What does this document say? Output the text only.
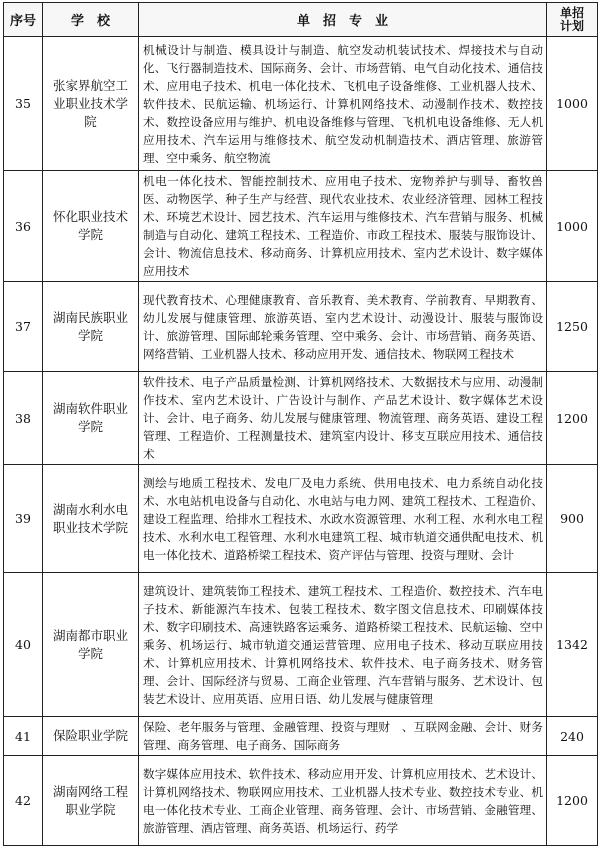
序号	学　校	单　招　专　业	单招
计划

35	张家界航空工业职业技术学院	机械设计与制造、模具设计与制造、航空发动机装试技术、焊接技术与自动化、飞行器制造技术、国际商务、会计、市场营销、电气自动化技术、通信技术、应用电子技术、机电一体化技术、飞机电子设备维修、工业机器人技术、软件技术、民航运输、机场运行、计算机网络技术、动漫制作技术、数控技术、数控设备应用与维护、机电设备维修与管理、飞机机电设备维修、无人机应用技术、汽车运用与维修技术、航空发动机制造技术、酒店管理、旅游管理、空中乘务、航空物流	1000
36	怀化职业技术学院	机电一体化技术、智能控制技术、应用电子技术、宠物养护与驯导、畜牧兽医、动物医学、种子生产与经营、现代农业技术、农业经济管理、园林工程技术、环境艺术设计、园艺技术、汽车运用与维修技术、汽车营销与服务、机械制造与自动化、建筑工程技术、工程造价、市政工程技术、服装与服饰设计、会计、物流信息技术、移动商务、计算机应用技术、室内艺术设计、数字媒体应用技术	1000
37	湖南民族职业学院	现代教育技术、心理健康教育、音乐教育、美术教育、学前教育、早期教育、幼儿发展与健康管理、旅游英语、室内艺术设计、动漫设计、服装与服饰设计、旅游管理、国际邮轮乘务管理、空中乘务、会计、市场营销、商务英语、网络营销、工业机器人技术、移动应用开发、通信技术、物联网工程技术	1250
38	湖南软件职业学院	软件技术、电子产品质量检测、计算机网络技术、大数据技术与应用、动漫制作技术、室内艺术设计、广告设计与制作、产品艺术设计、数字媒体艺术设计、会计、电子商务、幼儿发展与健康管理、物流管理、商务英语、建设工程管理、工程造价、工程测量技术、建筑室内设计、移支互联应用技术、通信技术	1200
39	湖南水利水电职业技术学院	测绘与地质工程技术、发电厂及电力系统、供用电技术、电力系统自动化技术、水电站机电设备与自动化、水电站与电力网、建筑工程技术、工程造价、建设工程监理、给排水工程技术、水政水资源管理、水利工程、水利水电工程技术、水利水电工程管理、水利水电建筑工程、城市轨道交通供配电技术、机电一体化技术、道路桥梁工程技术、资产评估与管理、投资与理财、会计	900
40	湖南都市职业学院	建筑设计、建筑装饰工程技术、建筑工程技术、工程造价、数控技术、汽车电子技术、新能源汽车技术、包装工程技术、数字图文信息技术、印刷媒体技术、数字印刷技术、高速铁路客运乘务、道路桥梁工程技术、民航运输、空中乘务、机场运行、城市轨道交通运营管理、应用电子技术、移动互联应用技术、计算机应用技术、计算机网络技术、软件技术、电子商务技术、财务管理、会计、国际经济与贸易、工商企业管理、汽车营销与服务、艺术设计、包装艺术设计、应用英语、应用日语、幼儿发展与健康管理	1342
41	保险职业学院	保险、老年服务与管理、金融管理、投资与理财　、互联网金融、会计、财务管理、商务管理、电子商务、国际商务	240
42	湖南网络工程职业学院	数字媒体应用技术、软件技术、移动应用开发、计算机应用技术、艺术设计、计算机网络技术、物联网应用技术、工业机器人技术专业、数控技术专业、机电一体化技术专业、工商企业管理、商务管理、会计、市场营销、金融管理、旅游管理、酒店管理、商务英语、机场运行、药学	1200
